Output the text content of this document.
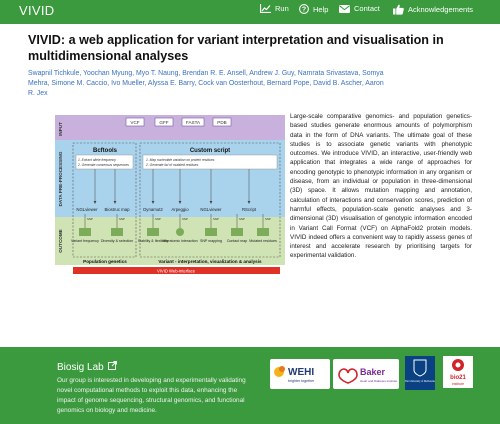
VIVID	Run ? Help	Contact	Acknowledgements
VIVID: a web application for variant interpretation and visualisation in multidimensional analyses
Swapnil Tichkule, Yoochan Myung, Myo T. Naung, Brendan R. E. Ansell, Andrew J. Guy, Namrata Srivastava, Somya Mehra, Simone M. Caccio, Ivo Mueller, Alyssa E. Barry, Cock van Oosterhout, Bernard Pope, David B. Ascher, Aaron R. Jex
INPUT
DATA PRE-PROCESSING
OUTCOME
VCF	GFF	FASTA	PDB
Bcftools	Custom script
1. Extract allele frequency
2. Generate consensus sequences
1. Map nucleotide variation on protein residues
2. Generate list of mutated residues
NGLviewer Biostruc map	Dynamut2 Arpeggio	NGLviewer	RScript
SNP	SNP	SNP	SNP	SNP	SNP	SNP
Variant frequency Diversity & selection Stability & flexibility
Interatomic interaction SNP mapping Contact map Mutated residues
Population genetics	Variant - interpretation, visualization & analysis
VIVID Web-interface

Large-scale comparative genomics- and population genetics-based studies generate enormous amounts of polymorphism data in the form of DNA variants. The ultimate goal of these studies is to associate genetic variants with phenotypic outcomes. We introduce VIVID, an interactive, user-friendly web application that integrates a wide range of approaches for encoding genotypic to phenotypic information in any organism or disease, from an individual or population in three-dimensional (3D) space. It allows mutation mapping and annotation, calculation of interactions and conservation scores, prediction of harmful effects, population-scale genetic analyses and 3-dimensional (3D) visualisation of genotypic information encoded in Variant Call Format (VCF) on AlphaFold2 protein models. VIVID indeed offers a convenient way to rapidly assess genes of interest and accelerate research by prioritising targets for experimental validation.

Biosig Lab

Our group is interested in developing and experimentally validating novel computational methods to exploit this data, enhancing the impact of genome sequencing, structural genomics, and functional genomics on biology and medicine.

WEHI
brighter together
Baker
Heart and Diabetes Institute	The University of Melbourne
bio21
institute
